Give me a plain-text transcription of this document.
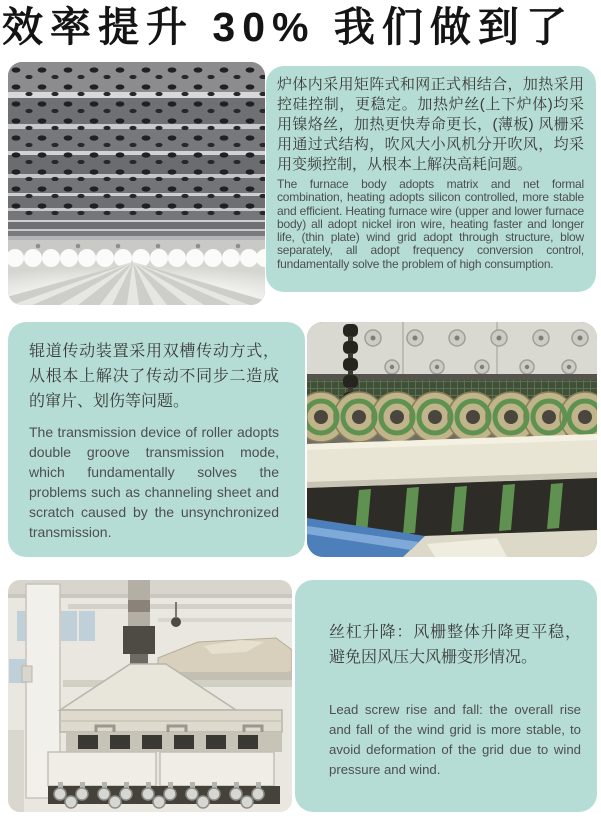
效率提升 30% 我们做到了

炉体内采用矩阵式和网正式相结合，加热采用控硅控制，更稳定。加热炉丝(上下炉体)均采用镍烙丝，加热更快寿命更长，(薄板) 风栅采用通过式结构，吹风大小风机分开吹风，均采用变频控制，从根本上解决高耗问题。

The furnace body adopts matrix and net formal combination, heating adopts silicon controlled, more stable and efficient. Heating furnace wire (upper and lower furnace body) all adopt nickel iron wire, heating faster and longer life, (thin plate) wind grid adopt through structure, blow separately, all adopt frequency conversion control, fundamentally solve the problem of high consumption.

辊道传动装置采用双槽传动方式，从根本上解决了传动不同步二造成的窜片、划伤等问题。

The transmission device of roller adopts double groove transmission mode, which fundamentally solves the problems such as channeling sheet and scratch caused by the unsynchronized transmission.

丝杠升降：风栅整体升降更平稳，避免因风压大风栅变形情况。

Lead screw rise and fall: the overall rise and fall of the wind grid is more stable, to avoid deformation of the grid due to wind pressure and wind.
